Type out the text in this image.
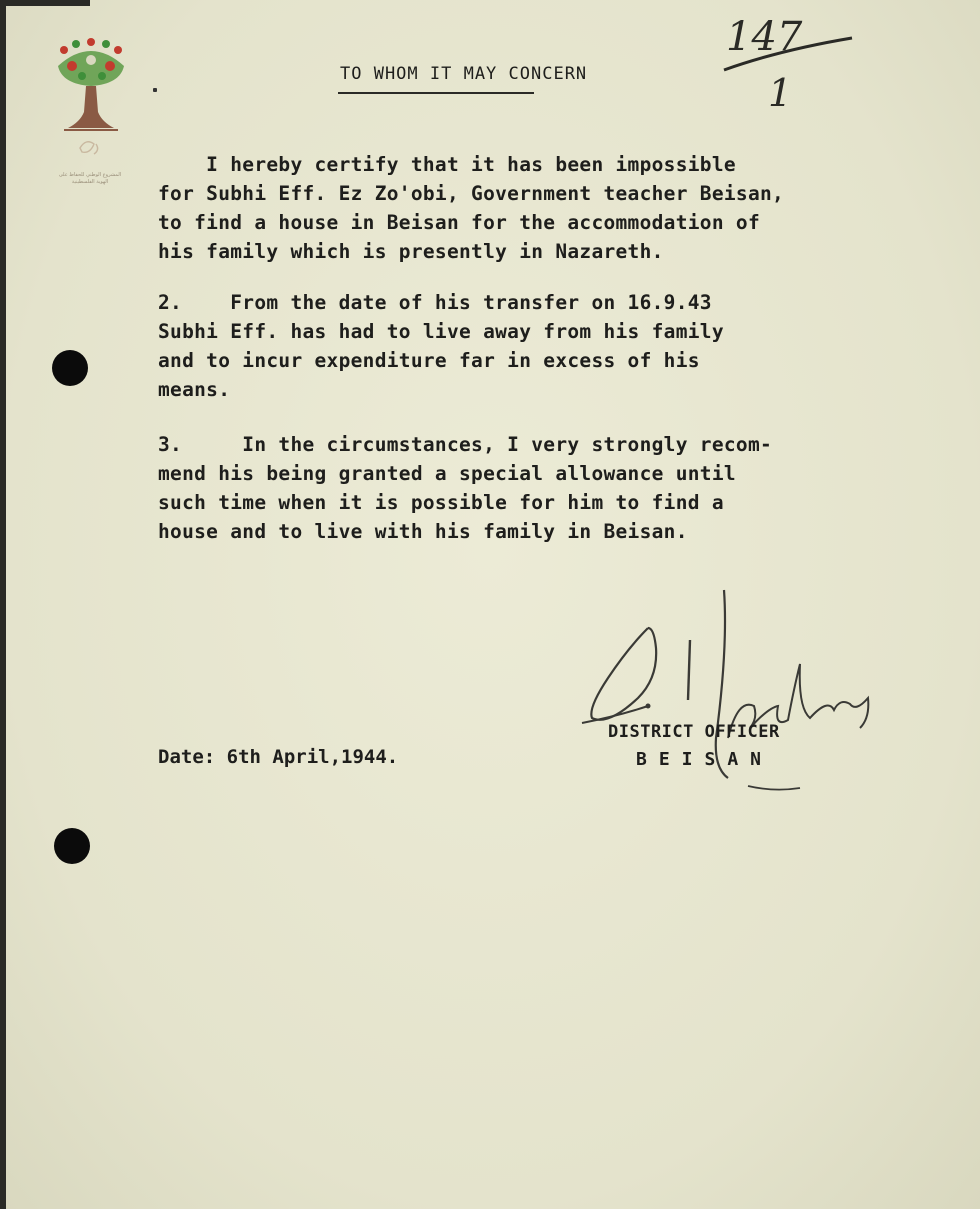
المشروع الوطني للحفاظ على
الهوية الفلسطينية
147
1
TO WHOM IT MAY CONCERN
I hereby certify that it has been impossible
for Subhi Eff. Ez Zo'obi, Government teacher Beisan,
to find a house in Beisan for the accommodation of
his family which is presently in Nazareth.
2.    From the date of his transfer on 16.9.43
Subhi Eff. has had to live away from his family
and to incur expenditure far in excess of his
means.
3.     In the circumstances, I very strongly recom-
mend his being granted a special allowance until
such time when it is possible for him to find a
house and to live with his family in Beisan.
Date: 6th April,1944.
DISTRICT OFFICER
BEISAN
